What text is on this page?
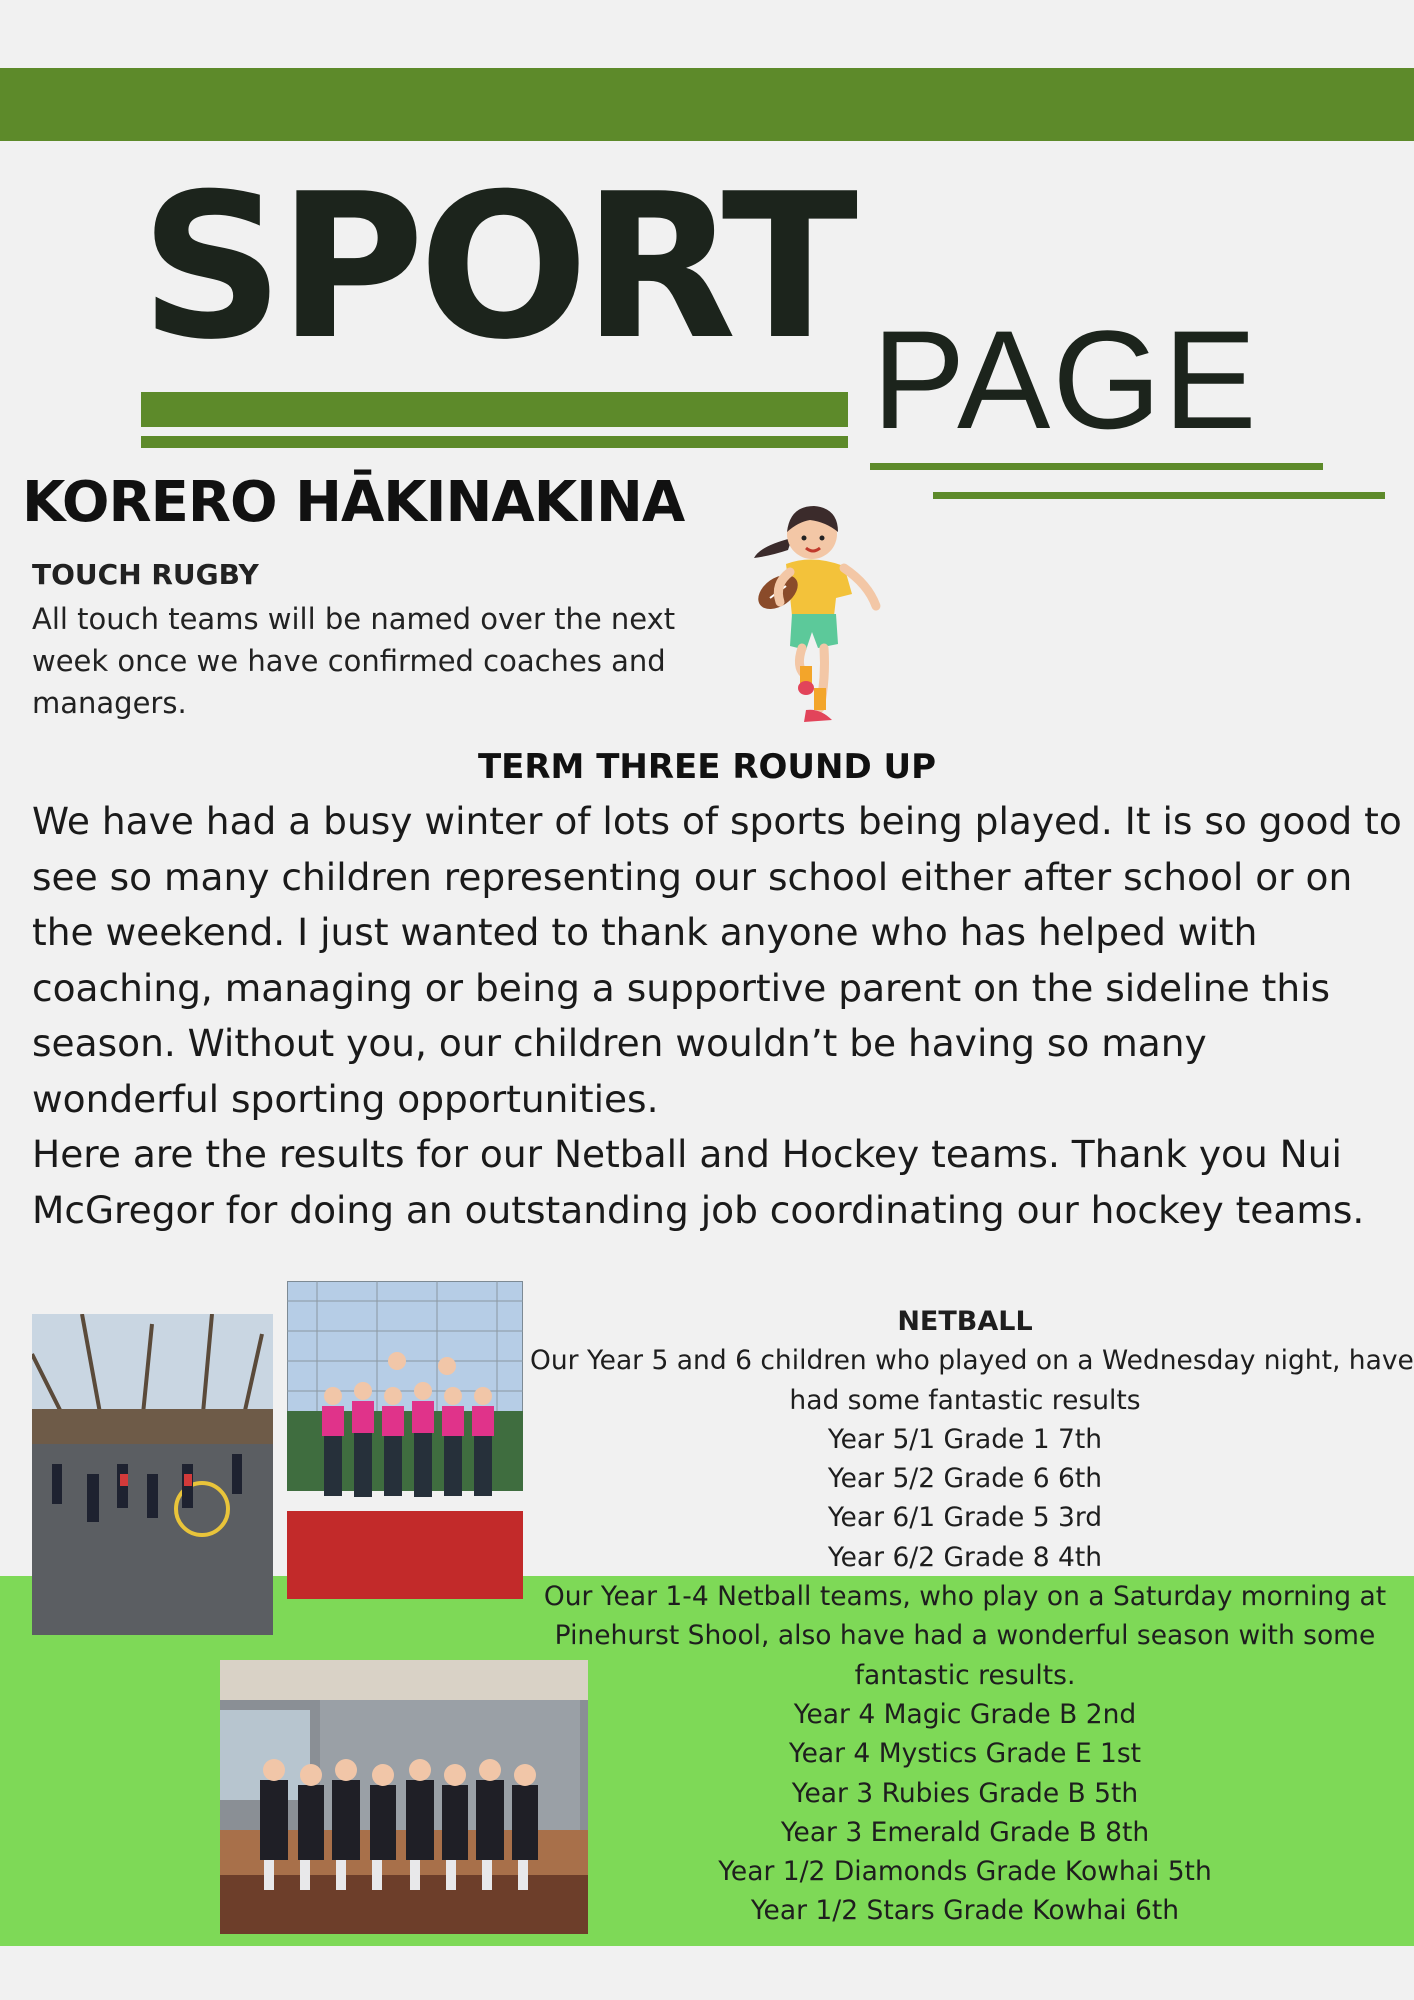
SPORT PAGE
KORERO HĀKINAKINA
TOUCH RUGBY
All touch teams will be named over the next week once we have confirmed coaches and managers.
TERM THREE ROUND UP

We have had a busy winter of lots of sports being played. It is so good to see so many children representing our school either after school or on the weekend. I just wanted to thank anyone who has helped with coaching, managing or being a supportive parent on the sideline this season. Without you, our children wouldn’t be having so many wonderful sporting opportunities.

Here are the results for our Netball and Hockey teams. Thank you Nui McGregor for doing an outstanding job coordinating our hockey teams.

NETBALL
Our Year 5 and 6 children who played on a Wednesday night, have
had some fantastic results
Year 5/1 Grade 1 7th
Year 5/2 Grade 6 6th
Year 6/1 Grade 5 3rd
Year 6/2 Grade 8 4th
Our Year 1-4 Netball teams, who play on a Saturday morning at
Pinehurst Shool, also have had a wonderful season with some
fantastic results.
Year 4 Magic Grade B 2nd
Year 4 Mystics Grade E 1st
Year 3 Rubies Grade B 5th
Year 3 Emerald Grade B 8th
Year 1/2 Diamonds Grade Kowhai 5th
Year 1/2 Stars Grade Kowhai 6th
